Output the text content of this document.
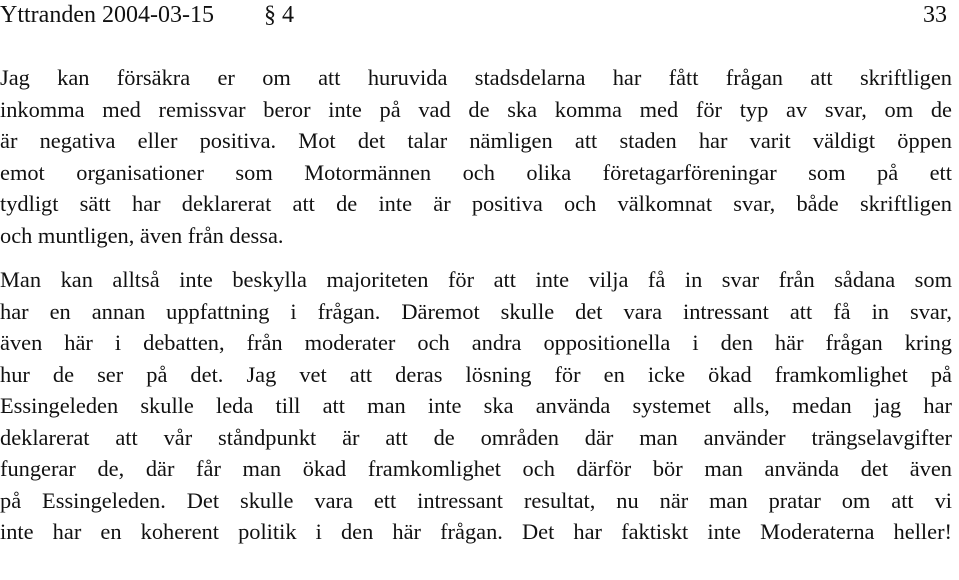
Yttranden 2004-03-15 § 4	33

Jag kan försäkra er om att huruvida stadsdelarna har fått frågan att skriftligen
inkomma med remissvar beror inte på vad de ska komma med för typ av svar, om de
är negativa eller positiva. Mot det talar nämligen att staden har varit väldigt öppen
emot organisationer som Motormännen och olika företagarföreningar som på ett
tydligt sätt har deklarerat att de inte är positiva och välkomnat svar, både skriftligen
och muntligen, även från dessa.

Man kan alltså inte beskylla majoriteten för att inte vilja få in svar från sådana som
har en annan uppfattning i frågan. Däremot skulle det vara intressant att få in svar,
även här i debatten, från moderater och andra oppositionella i den här frågan kring
hur de ser på det. Jag vet att deras lösning för en icke ökad framkomlighet på
Essingeleden skulle leda till att man inte ska använda systemet alls, medan jag har
deklarerat att vår ståndpunkt är att de områden där man använder trängselavgifter
fungerar de, där får man ökad framkomlighet och därför bör man använda det även
på Essingeleden. Det skulle vara ett intressant resultat, nu när man pratar om att vi
inte har en koherent politik i den här frågan. Det har faktiskt inte Moderaterna heller!
